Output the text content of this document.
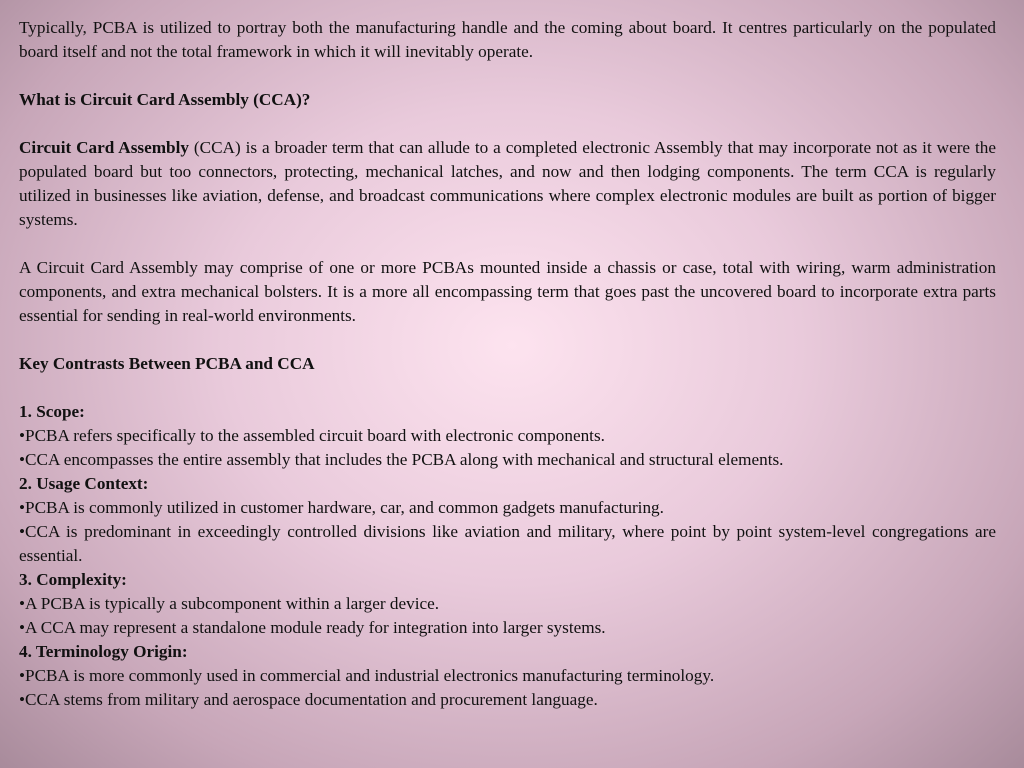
Typically, PCBA is utilized to portray both the manufacturing handle and the coming about board. It centres particularly on the populated board itself and not the total framework in which it will inevitably operate.

What is Circuit Card Assembly (CCA)?

Circuit Card Assembly (CCA) is a broader term that can allude to a completed electronic Assembly that may incorporate not as it were the populated board but too connectors, protecting, mechanical latches, and now and then lodging components. The term CCA is regularly utilized in businesses like aviation, defense, and broadcast communications where complex electronic modules are built as portion of bigger systems.

A Circuit Card Assembly may comprise of one or more PCBAs mounted inside a chassis or case, total with wiring, warm administration components, and extra mechanical bolsters. It is a more all encompassing term that goes past the uncovered board to incorporate extra parts essential for sending in real-world environments.

Key Contrasts Between PCBA and CCA

1. Scope:

•PCBA refers specifically to the assembled circuit board with electronic components.

•CCA encompasses the entire assembly that includes the PCBA along with mechanical and structural elements.

2. Usage Context:

•PCBA is commonly utilized in customer hardware, car, and common gadgets manufacturing.

•CCA is predominant in exceedingly controlled divisions like aviation and military, where point by point system-level congregations are essential.

3. Complexity:

•A PCBA is typically a subcomponent within a larger device.

•A CCA may represent a standalone module ready for integration into larger systems.

4. Terminology Origin:

•PCBA is more commonly used in commercial and industrial electronics manufacturing terminology.

•CCA stems from military and aerospace documentation and procurement language.
